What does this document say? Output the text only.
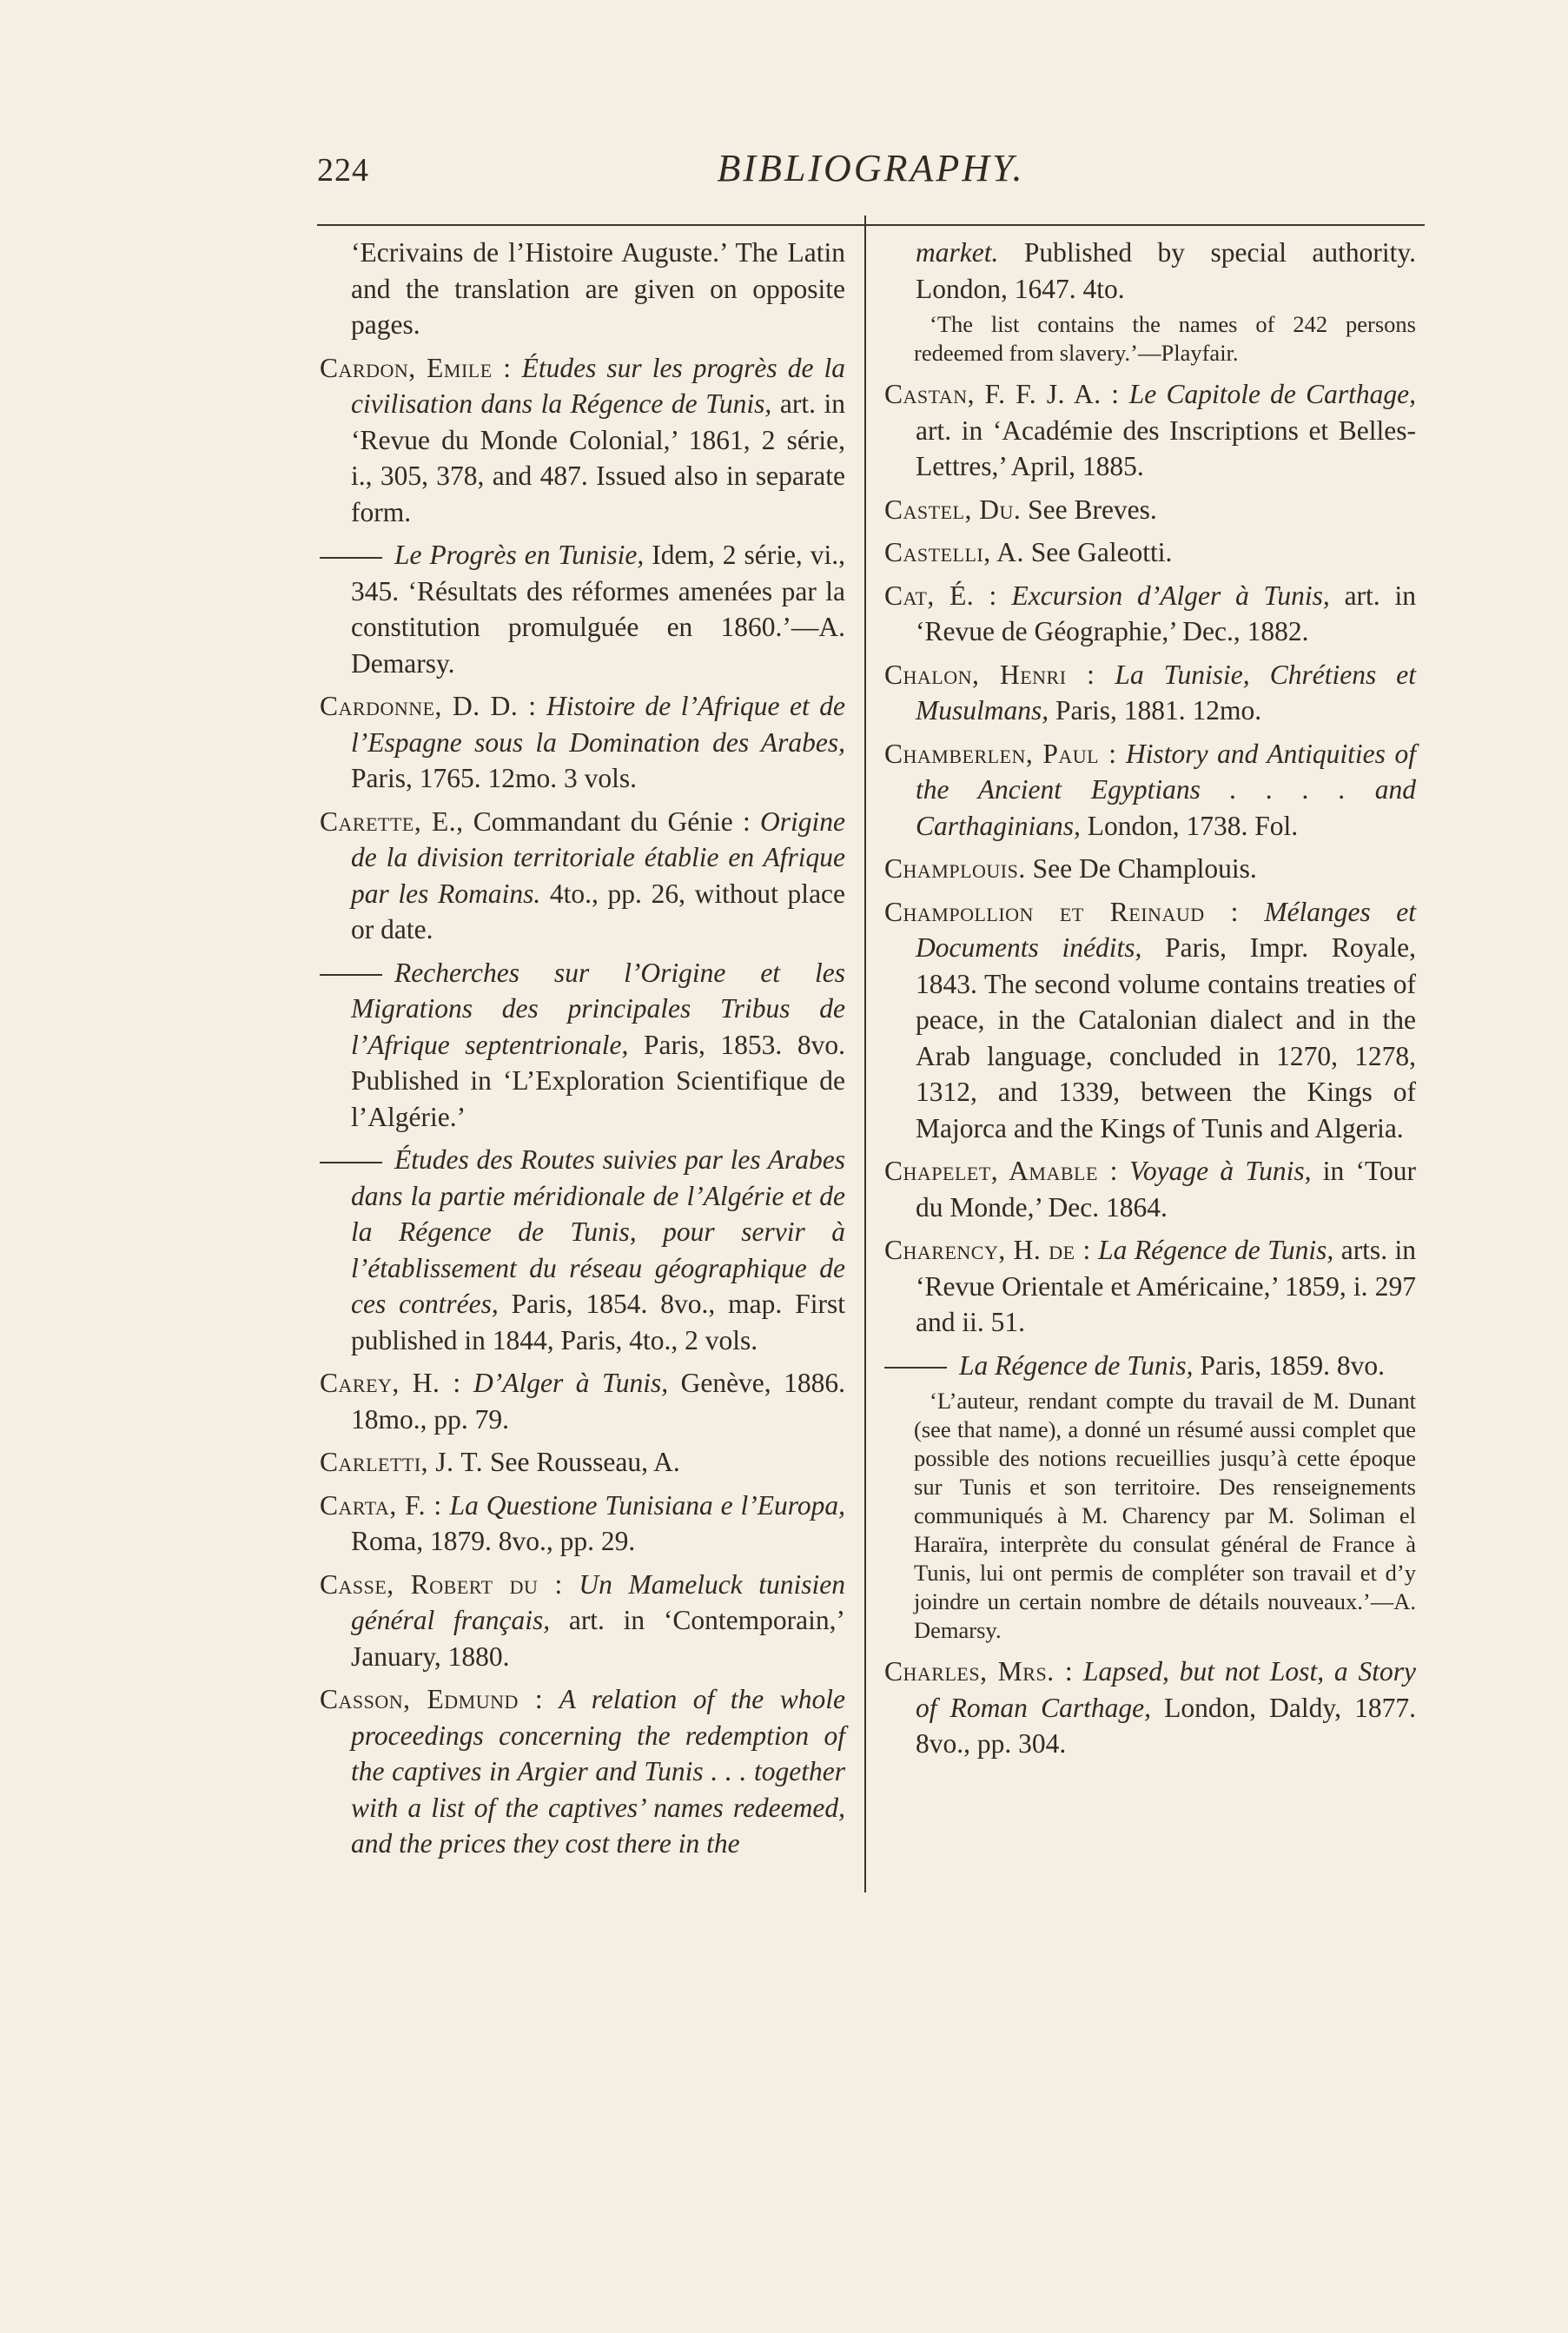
224	BIBLIOGRAPHY.
‘Ecrivains de l’Histoire Auguste.’ The Latin and the translation are given on opposite pages.
Cardon, Emile : Études sur les progrès de la civilisation dans la Régence de Tunis, art. in ‘Revue du Monde Colonial,’ 1861, 2 série, i., 305, 378, and 487. Issued also in separate form.
Le Progrès en Tunisie, Idem, 2 série, vi., 345. ‘Résultats des réformes amenées par la constitution promulguée en 1860.’—A. Demarsy.
Cardonne, D. D. : Histoire de l’Afrique et de l’Espagne sous la Domination des Arabes, Paris, 1765. 12mo. 3 vols.
Carette, E., Commandant du Génie : Origine de la division territoriale établie en Afrique par les Romains. 4to., pp. 26, without place or date.
Recherches sur l’Origine et les Migrations des principales Tribus de l’Afrique septentrionale, Paris, 1853. 8vo. Published in ‘L’Exploration Scientifique de l’Algérie.’
Études des Routes suivies par les Arabes dans la partie méridionale de l’Algérie et de la Régence de Tunis, pour servir à l’établissement du réseau géographique de ces contrées, Paris, 1854. 8vo., map. First published in 1844, Paris, 4to., 2 vols.
Carey, H. : D’Alger à Tunis, Genève, 1886. 18mo., pp. 79.
Carletti, J. T. See Rousseau, A.
Carta, F. : La Questione Tunisiana e l’Europa, Roma, 1879. 8vo., pp. 29.
Casse, Robert du : Un Mameluck tunisien général français, art. in ‘Contemporain,’ January, 1880.
Casson, Edmund : A relation of the whole proceedings concerning the redemption of the captives in Argier and Tunis . . . together with a list of the captives’ names redeemed, and the prices they cost there in the
market. Published by special authority. London, 1647. 4to.
‘The list contains the names of 242 persons redeemed from slavery.’—Playfair.
Castan, F. F. J. A. : Le Capitole de Carthage, art. in ‘Académie des Inscriptions et Belles-Lettres,’ April, 1885.
Castel, Du. See Breves.
Castelli, A. See Galeotti.
Cat, É. : Excursion d’Alger à Tunis, art. in ‘Revue de Géographie,’ Dec., 1882.
Chalon, Henri : La Tunisie, Chrétiens et Musulmans, Paris, 1881. 12mo.
Chamberlen, Paul : History and Antiquities of the Ancient Egyptians . . . . and Carthaginians, London, 1738. Fol.
Champlouis. See De Champlouis.
Champollion et Reinaud : Mélanges et Documents inédits, Paris, Impr. Royale, 1843. The second volume contains treaties of peace, in the Catalonian dialect and in the Arab language, concluded in 1270, 1278, 1312, and 1339, between the Kings of Majorca and the Kings of Tunis and Algeria.
Chapelet, Amable : Voyage à Tunis, in ‘Tour du Monde,’ Dec. 1864.
Charency, H. de : La Régence de Tunis, arts. in ‘Revue Orientale et Américaine,’ 1859, i. 297 and ii. 51.
La Régence de Tunis, Paris, 1859. 8vo.
‘L’auteur, rendant compte du travail de M. Dunant (see that name), a donné un résumé aussi complet que possible des notions recueillies jusqu’à cette époque sur Tunis et son territoire. Des renseignements communiqués à M. Charency par M. Soliman el Haraïra, interprète du consulat général de France à Tunis, lui ont permis de compléter son travail et d’y joindre un certain nombre de détails nouveaux.’—A. Demarsy.
Charles, Mrs. : Lapsed, but not Lost, a Story of Roman Carthage, London, Daldy, 1877. 8vo., pp. 304.
